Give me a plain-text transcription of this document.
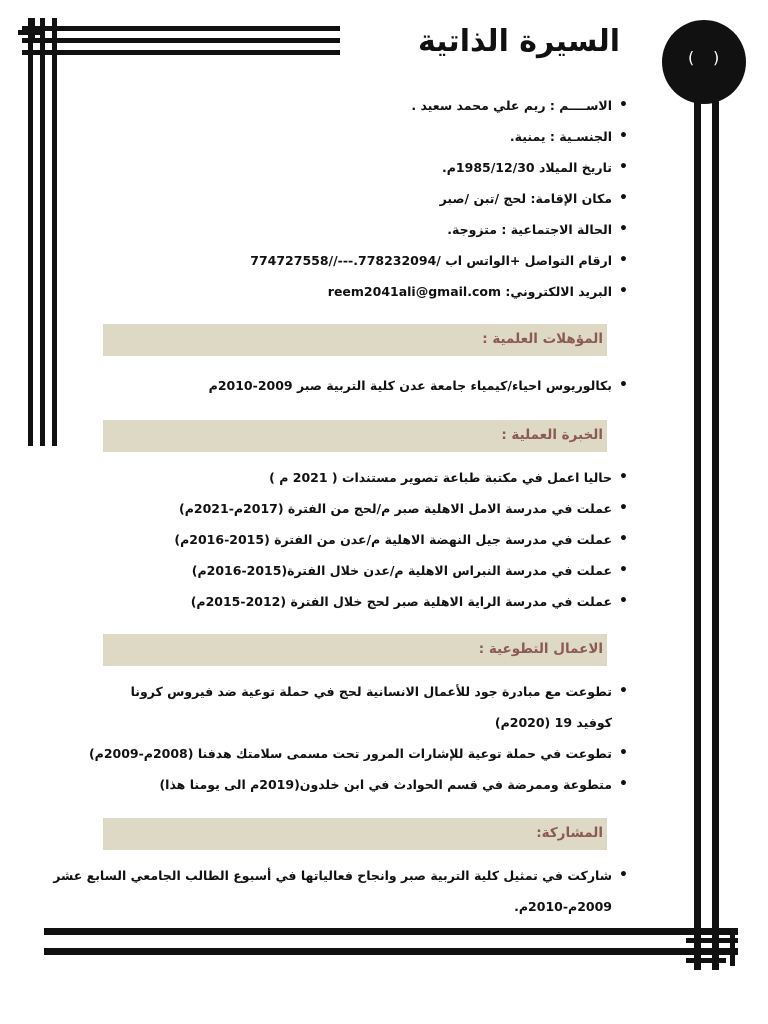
( )
السيرة الذاتية
• الاســــم : ريم علي محمد سعيد .
• الجنسـية : يمنية.
• تاريخ الميلاد 1985/12/30م.
• مكان الإقامة: لحج /تبن /صبر
• الحالة الاجتماعية : متزوجة.
• ارقام التواصل +الواتس اب /778232094.---//774727558
• البريد الالكتروني: reem2041ali@gmail.com
المؤهلات العلمية :
• بكالوريوس احياء/كيمياء جامعة عدن كلية التربية صبر 2009-2010م
الخبرة العملية :
• حاليا اعمل في مكتبة طباعة تصوير مستندات ( 2021 م )
• عملت في مدرسة الامل الاهلية صبر م/لحج من الفترة (2017م-2021م)
• عملت في مدرسة جيل النهضة الاهلية م/عدن من الفترة (2015-2016م)
• عملت في مدرسة النبراس الاهلية م/عدن خلال الفترة(2015-2016م)
• عملت في مدرسة الراية الاهلية صبر لحج خلال الفترة (2012-2015م)
الاعمال التطوعية :
• تطوعت مع مبادرة جود للأعمال الانسانية لحج في حملة توعية ضد فيروس كرونا
كوفيد 19 (2020م)
• تطوعت في حملة توعية للإشارات المرور تحت مسمى سلامتك هدفنا (2008م-2009م)
• متطوعة وممرضة في قسم الحوادث في ابن خلدون(2019م الى يومنا هذا)
المشاركة:
• شاركت في تمثيل كلية التربية صبر وانجاح فعالياتها في أسبوع الطالب الجامعي السابع عشر
2009م-2010م.
